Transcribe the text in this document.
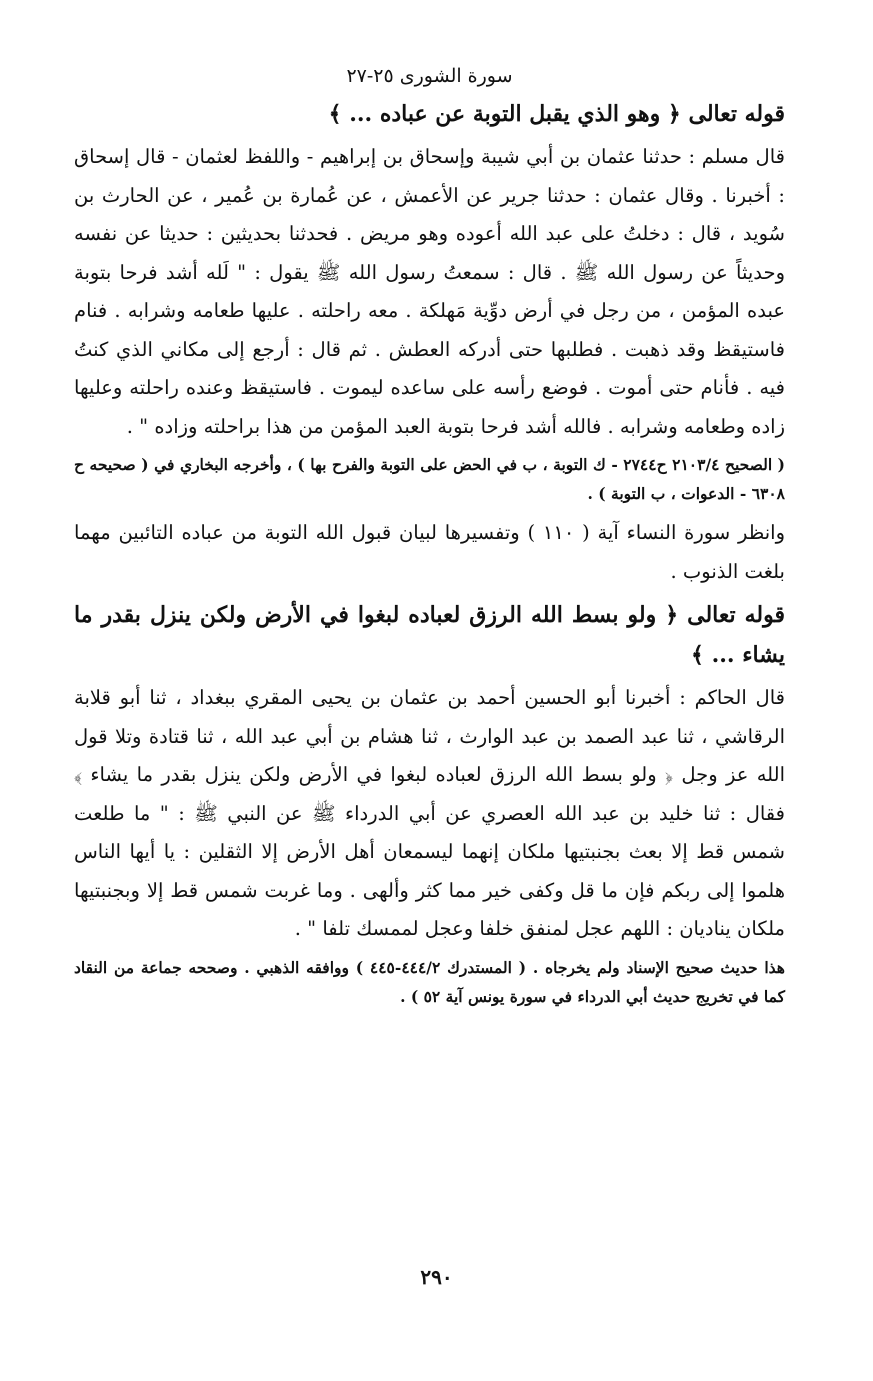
سورة الشورى ٢٥-٢٧
قوله تعالى ﴿ وهو الذي يقبل التوبة عن عباده ... ﴾

قال مسلم : حدثنا عثمان بن أبي شيبة وإسحاق بن إبراهيم - واللفظ لعثمان - قال إسحاق : أخبرنا . وقال عثمان : حدثنا جرير عن الأعمش ، عن عُمارة بن عُمير ، عن الحارث بن سُويد ، قال : دخلتُ على عبد الله أعوده وهو مريض . فحدثنا بحديثين : حديثا عن نفسه وحديثاً عن رسول الله ﷺ . قال : سمعتُ رسول الله ﷺ يقول : " لَله أشد فرحا بتوبة عبده المؤمن ، من رجل في أرض دوِّية مَهلكة . معه راحلته . عليها طعامه وشرابه . فنام فاستيقظ وقد ذهبت . فطلبها حتى أدركه العطش . ثم قال : أرجع إلى مكاني الذي كنتُ فيه . فأنام حتى أموت . فوضع رأسه على ساعده ليموت . فاستيقظ وعنده راحلته وعليها زاده وطعامه وشرابه . فالله أشد فرحا بتوبة العبد المؤمن من هذا براحلته وزاده " .

( الصحيح ٢١٠٣/٤ ح٢٧٤٤ - ك التوبة ، ب في الحض على التوبة والفرح بها ) ، وأخرجه البخاري في ( صحيحه ح ٦٣٠٨ - الدعوات ، ب التوبة ) .

وانظر سورة النساء آية ( ١١٠ ) وتفسيرها لبيان قبول الله التوبة من عباده التائبين مهما بلغت الذنوب .

قوله تعالى ﴿ ولو بسط الله الرزق لعباده لبغوا في الأرض ولكن ينزل بقدر ما يشاء ... ﴾

قال الحاكم : أخبرنا أبو الحسين أحمد بن عثمان بن يحيى المقري ببغداد ، ثنا أبو قلابة الرقاشي ، ثنا عبد الصمد بن عبد الوارث ، ثنا هشام بن أبي عبد الله ، ثنا قتادة وتلا قول الله عز وجل ﴿ ولو بسط الله الرزق لعباده لبغوا في الأرض ولكن ينزل بقدر ما يشاء ﴾ فقال : ثنا خليد بن عبد الله العصري عن أبي الدرداء ﷺ عن النبي ﷺ : " ما طلعت شمس قط إلا بعث بجنبتيها ملكان إنهما ليسمعان أهل الأرض إلا الثقلين : يا أيها الناس هلموا إلى ربكم فإن ما قل وكفى خير مما كثر وألهى . وما غربت شمس قط إلا وبجنبتيها ملكان يناديان : اللهم عجل لمنفق خلفا وعجل لممسك تلفا " .

هذا حديث صحيح الإسناد ولم يخرجاه . ( المستدرك ٤٤٤/٢-٤٤٥ ) ووافقه الذهبي . وصححه جماعة من النقاد كما في تخريج حديث أبي الدرداء في سورة يونس آية ٥٢ ) .
٢٩٠
